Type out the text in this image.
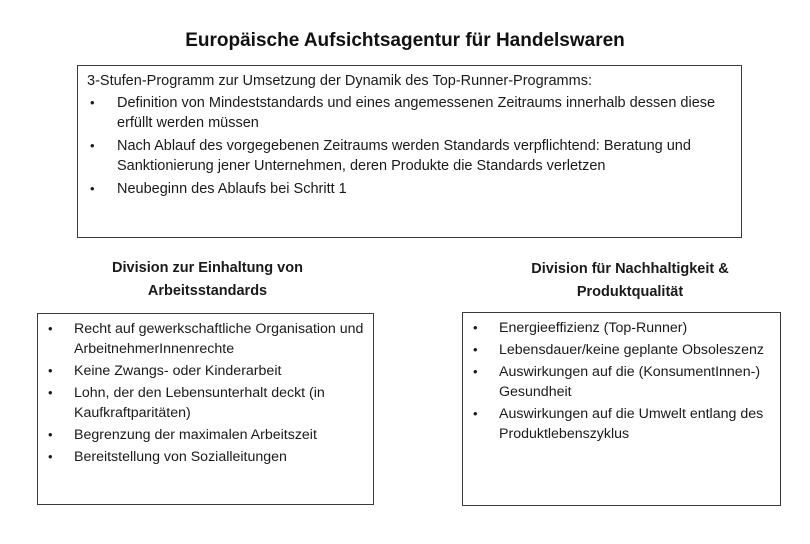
Europäische Aufsichtsagentur für Handelswaren
3-Stufen-Programm zur Umsetzung der Dynamik des Top-Runner-Programms:
• Definition von Mindeststandards und eines angemessenen Zeitraums innerhalb dessen diese erfüllt werden müssen
• Nach Ablauf des vorgegebenen Zeitraums werden Standards verpflichtend: Beratung und Sanktionierung jener Unternehmen, deren Produkte die Standards verletzen
• Neubeginn des Ablaufs bei Schritt 1
Division zur Einhaltung von
Arbeitsstandards
Division für Nachhaltigkeit &
Produktqualität
• Recht auf gewerkschaftliche Organisation und ArbeitnehmerInnenrechte
• Keine Zwangs- oder Kinderarbeit
• Lohn, der den Lebensunterhalt deckt (in Kaufkraftparitäten)
• Begrenzung der maximalen Arbeitszeit
• Bereitstellung von Sozialleitungen
• Energieeffizienz (Top-Runner)
• Lebensdauer/keine geplante Obsoleszenz
• Auswirkungen auf die (KonsumentInnen-) Gesundheit
• Auswirkungen auf die Umwelt entlang des Produktlebenszyklus
